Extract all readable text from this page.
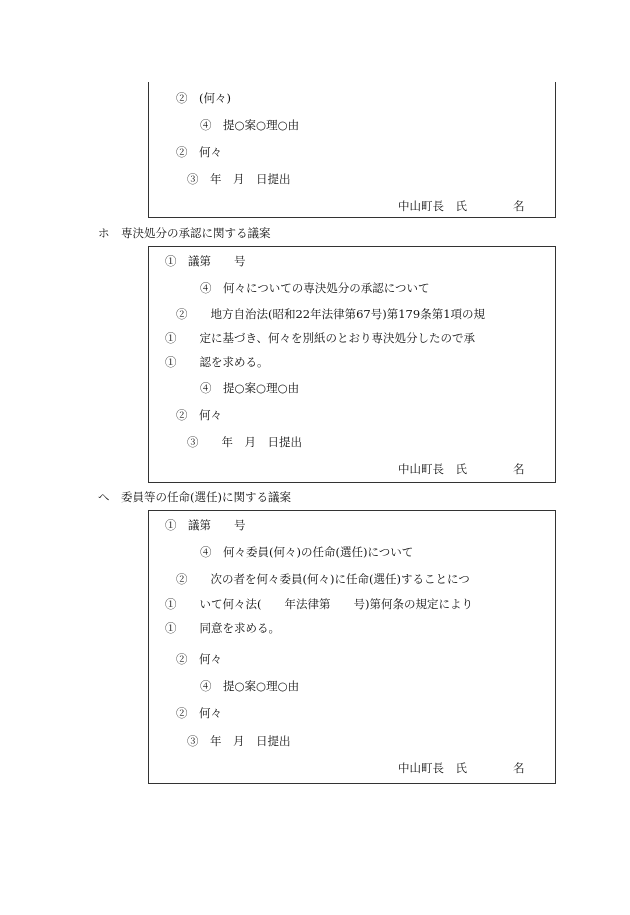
②　(何々)
④　提○案○理○由
②　何々
③　年　月　日提出
中山町長　氏　　　　名
ホ　専決処分の承認に関する議案
①　議第　　号
④　何々についての専決処分の承認について
②　　地方自治法(昭和22年法律第67号)第179条第1項の規
①　　定に基づき、何々を別紙のとおり専決処分したので承
①　　認を求める。
④　提○案○理○由
②　何々
③　　年　月　日提出
中山町長　氏　　　　名
へ　委員等の任命(選任)に関する議案
①　議第　　号
④　何々委員(何々)の任命(選任)について
②　　次の者を何々委員(何々)に任命(選任)することにつ
①　　いて何々法(　　年法律第　　号)第何条の規定により
①　　同意を求める。
②　何々
④　提○案○理○由
②　何々
③　年　月　日提出
中山町長　氏　　　　名
